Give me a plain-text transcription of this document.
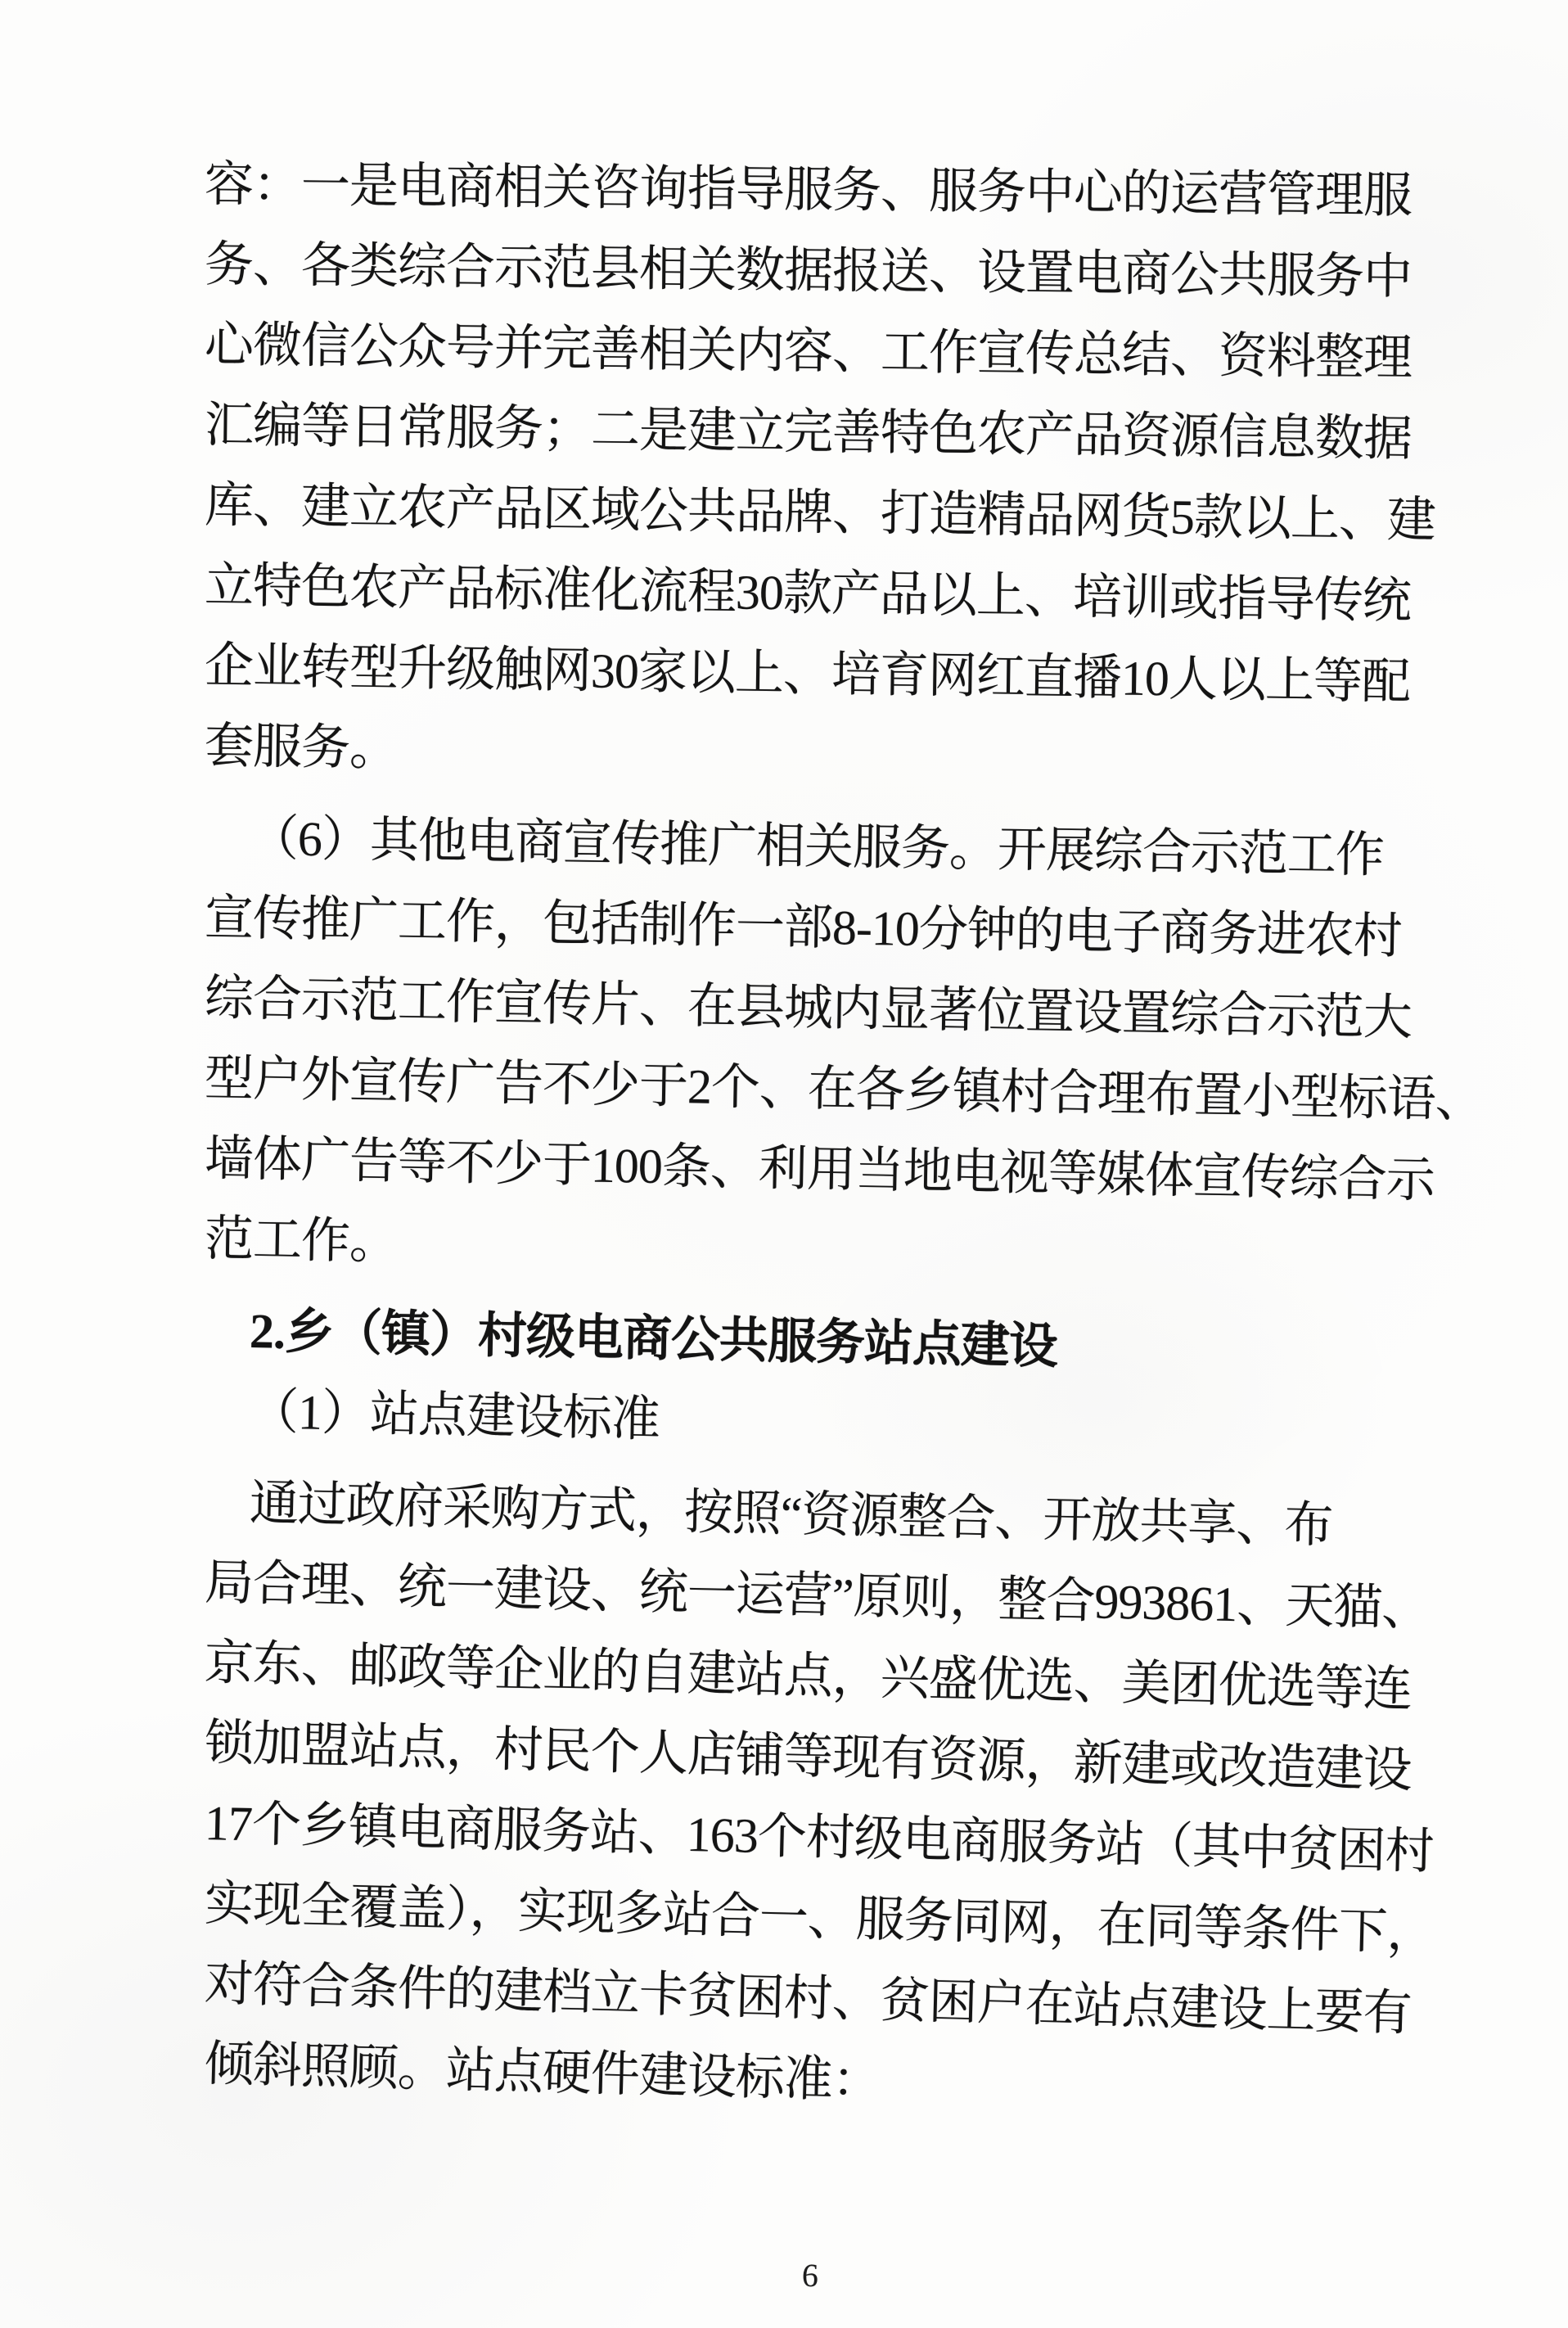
容：一是电商相关咨询指导服务、服务中心的运营管理服
务、各类综合示范县相关数据报送、设置电商公共服务中
心微信公众号并完善相关内容、工作宣传总结、资料整理
汇编等日常服务；二是建立完善特色农产品资源信息数据
库、建立农产品区域公共品牌、打造精品网货5款以上、建
立特色农产品标准化流程30款产品以上、培训或指导传统
企业转型升级触网30家以上、培育网红直播10人以上等配
套服务。
（6）其他电商宣传推广相关服务。开展综合示范工作
宣传推广工作，包括制作一部8-10分钟的电子商务进农村
综合示范工作宣传片、在县城内显著位置设置综合示范大
型户外宣传广告不少于2个、在各乡镇村合理布置小型标语、
墙体广告等不少于100条、利用当地电视等媒体宣传综合示
范工作。
2.乡（镇）村级电商公共服务站点建设
（1）站点建设标准
通过政府采购方式，按照“资源整合、开放共享、布
局合理、统一建设、统一运营”原则，整合993861、天猫、
京东、邮政等企业的自建站点，兴盛优选、美团优选等连
锁加盟站点，村民个人店铺等现有资源，新建或改造建设
17个乡镇电商服务站、163个村级电商服务站（其中贫困村
实现全覆盖），实现多站合一、服务同网，在同等条件下，
对符合条件的建档立卡贫困村、贫困户在站点建设上要有
倾斜照顾。站点硬件建设标准：
6
